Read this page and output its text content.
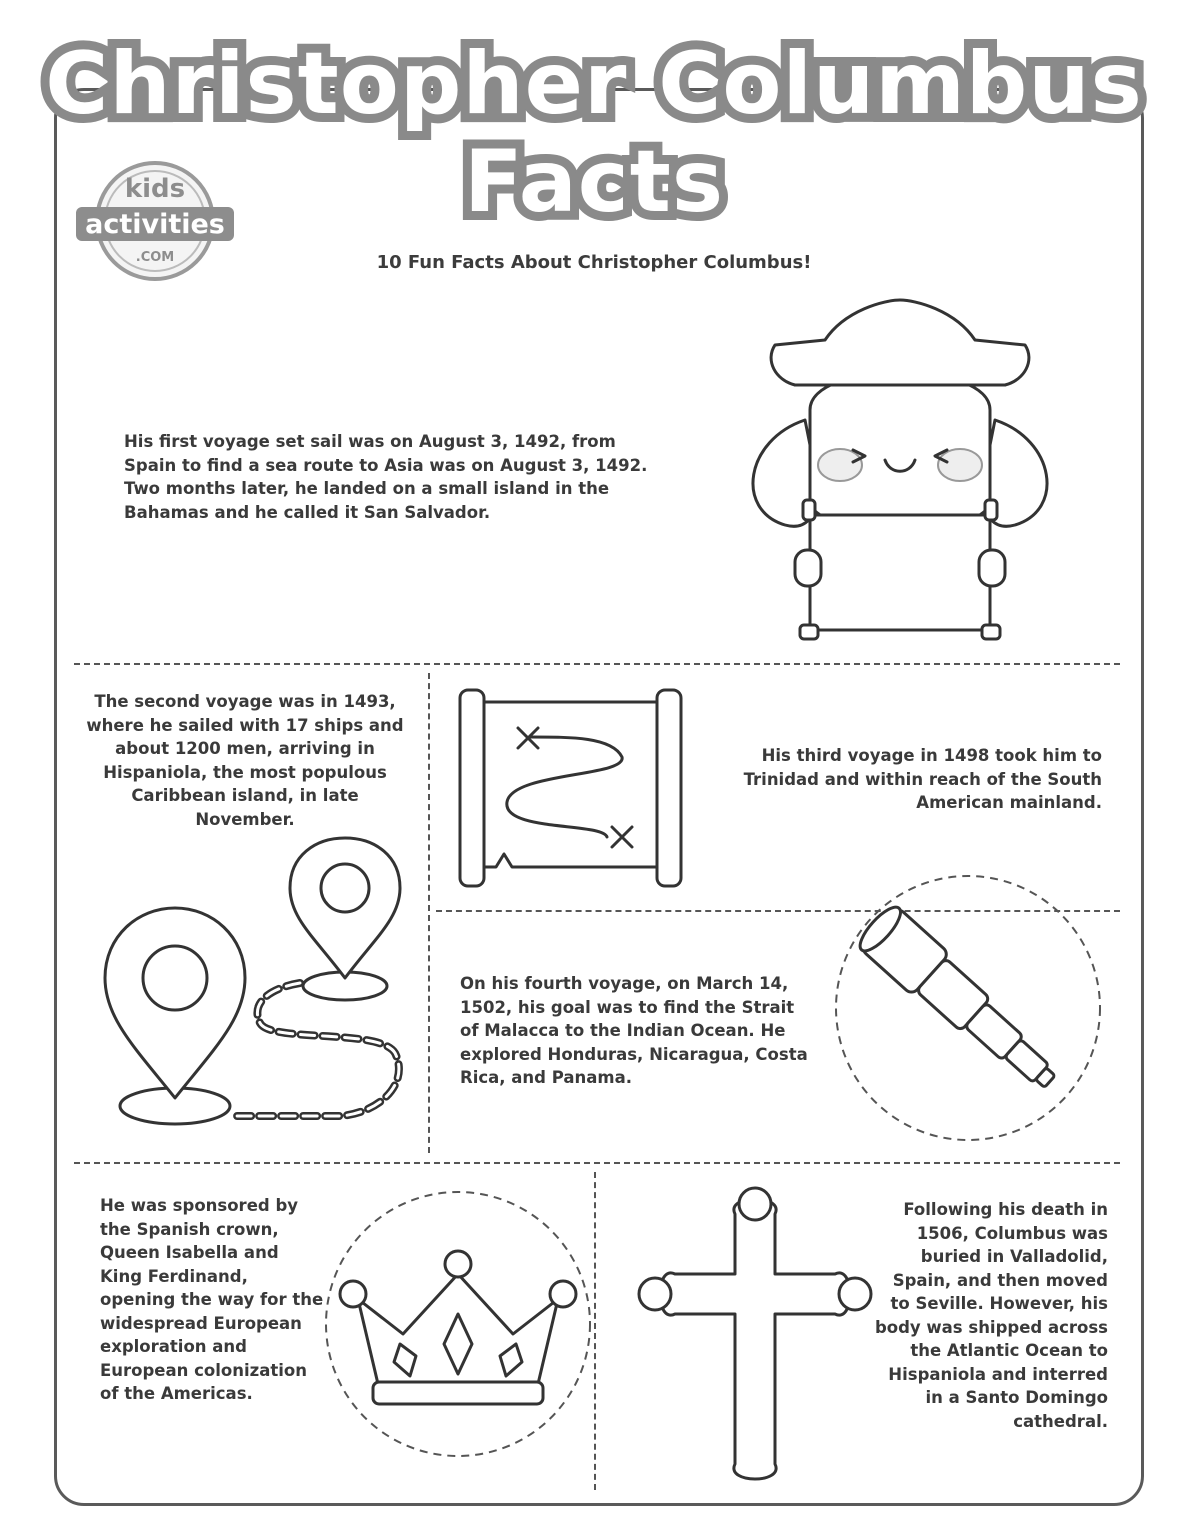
Christopher Columbus
Facts
kids
activities
.COM	10 Fun Facts About Christopher Columbus!

His first voyage set sail was on August 3, 1492, from Spain to find a sea route to Asia was on August 3, 1492. Two months later, he landed on a small island in the Bahamas and he called it San Salvador.

The second voyage was in 1493, where he sailed with 17 ships and about 1200 men, arriving in Hispaniola, the most populous Caribbean island, in late November.

His third voyage in 1498 took him to Trinidad and within reach of the South American mainland.

On his fourth voyage, on March 14, 1502, his goal was to find the Strait of Malacca to the Indian Ocean. He explored Honduras, Nicaragua, Costa Rica, and Panama.

He was sponsored by the Spanish crown, Queen Isabella and King Ferdinand, opening the way for the widespread European exploration and European colonization of the Americas.

Following his death in 1506, Columbus was buried in Valladolid, Spain, and then moved to Seville. However, his body was shipped across the Atlantic Ocean to Hispaniola and interred in a Santo Domingo cathedral.
